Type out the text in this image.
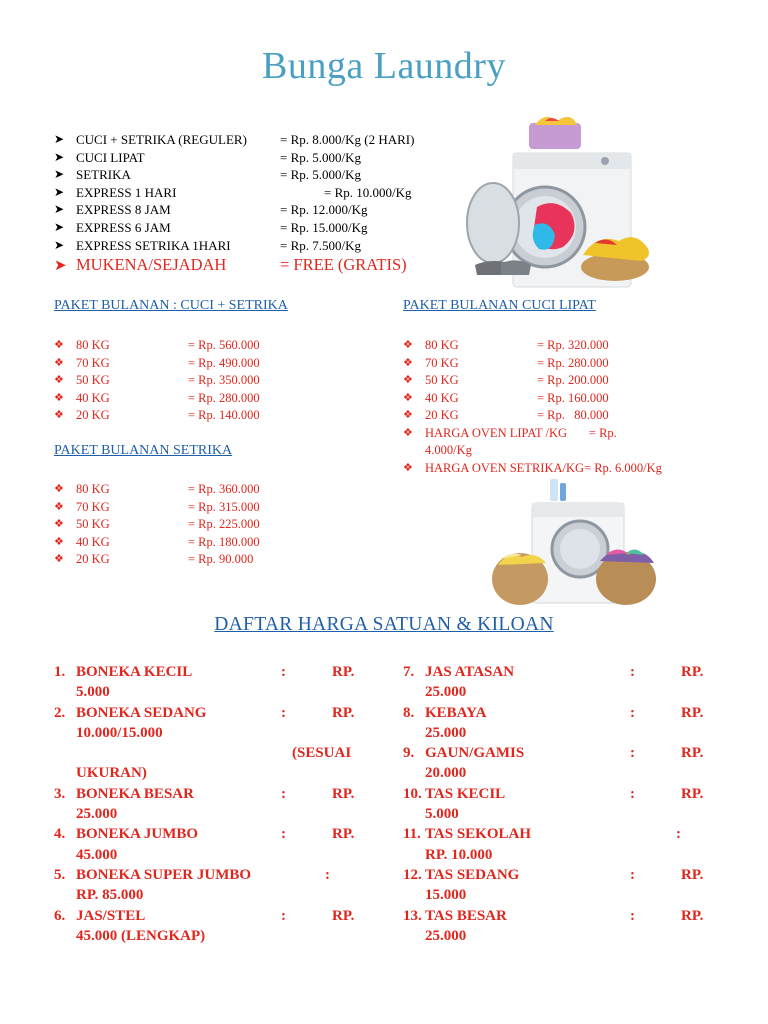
Bunga Laundry
➤ CUCI + SETRIKA (REGULER)	= Rp. 8.000/Kg (2 HARI)
➤ CUCI LIPAT	= Rp. 5.000/Kg
➤ SETRIKA	= Rp. 5.000/Kg
➤ EXPRESS 1 HARI	= Rp. 10.000/Kg
➤ EXPRESS 8 JAM	= Rp. 12.000/Kg
➤ EXPRESS 6 JAM	= Rp. 15.000/Kg
➤ EXPRESS SETRIKA 1HARI	= Rp. 7.500/Kg
➤ MUKENA/SEJADAH	= FREE (GRATIS)
PAKET BULANAN : CUCI + SETRIKA
❖ 80 KG	= Rp. 560.000
❖ 70 KG	= Rp. 490.000
❖ 50 KG	= Rp. 350.000
❖ 40 KG	= Rp. 280.000
❖ 20 KG	= Rp. 140.000
PAKET BULANAN CUCI LIPAT
❖ 80 KG	= Rp. 320.000
❖ 70 KG	= Rp. 280.000
❖ 50 KG	= Rp. 200.000
❖ 40 KG	= Rp. 160.000
❖ 20 KG	= Rp.   80.000
❖ HARGA OVEN LIPAT /KG       = Rp. 4.000/Kg
❖ HARGA OVEN SETRIKA/KG= Rp. 6.000/Kg
PAKET BULANAN SETRIKA
❖ 80 KG	= Rp. 360.000
❖ 70 KG	= Rp. 315.000
❖ 50 KG	= Rp. 225.000
❖ 40 KG	= Rp. 180.000
❖ 20 KG	= Rp. 90.000
DAFTAR HARGA SATUAN & KILOAN
1. BONEKA KECIL	:	RP.
5.000
2. BONEKA SEDANG	:	RP.
10.000/15.000
(SESUAI
UKURAN)
3. BONEKA BESAR	:	RP.
25.000
4. BONEKA JUMBO	:	RP.
45.000
5. BONEKA SUPER JUMBO	:
RP. 85.000
6. JAS/STEL	:	RP.
45.000 (LENGKAP)
7. JAS ATASAN	:	RP.
25.000
8. KEBAYA	:	RP.
25.000
9. GAUN/GAMIS	:	RP.
20.000
10. TAS KECIL	:	RP.
5.000
11. TAS SEKOLAH	:
RP. 10.000
12. TAS SEDANG	:	RP.
15.000
13. TAS BESAR	:	RP.
25.000
